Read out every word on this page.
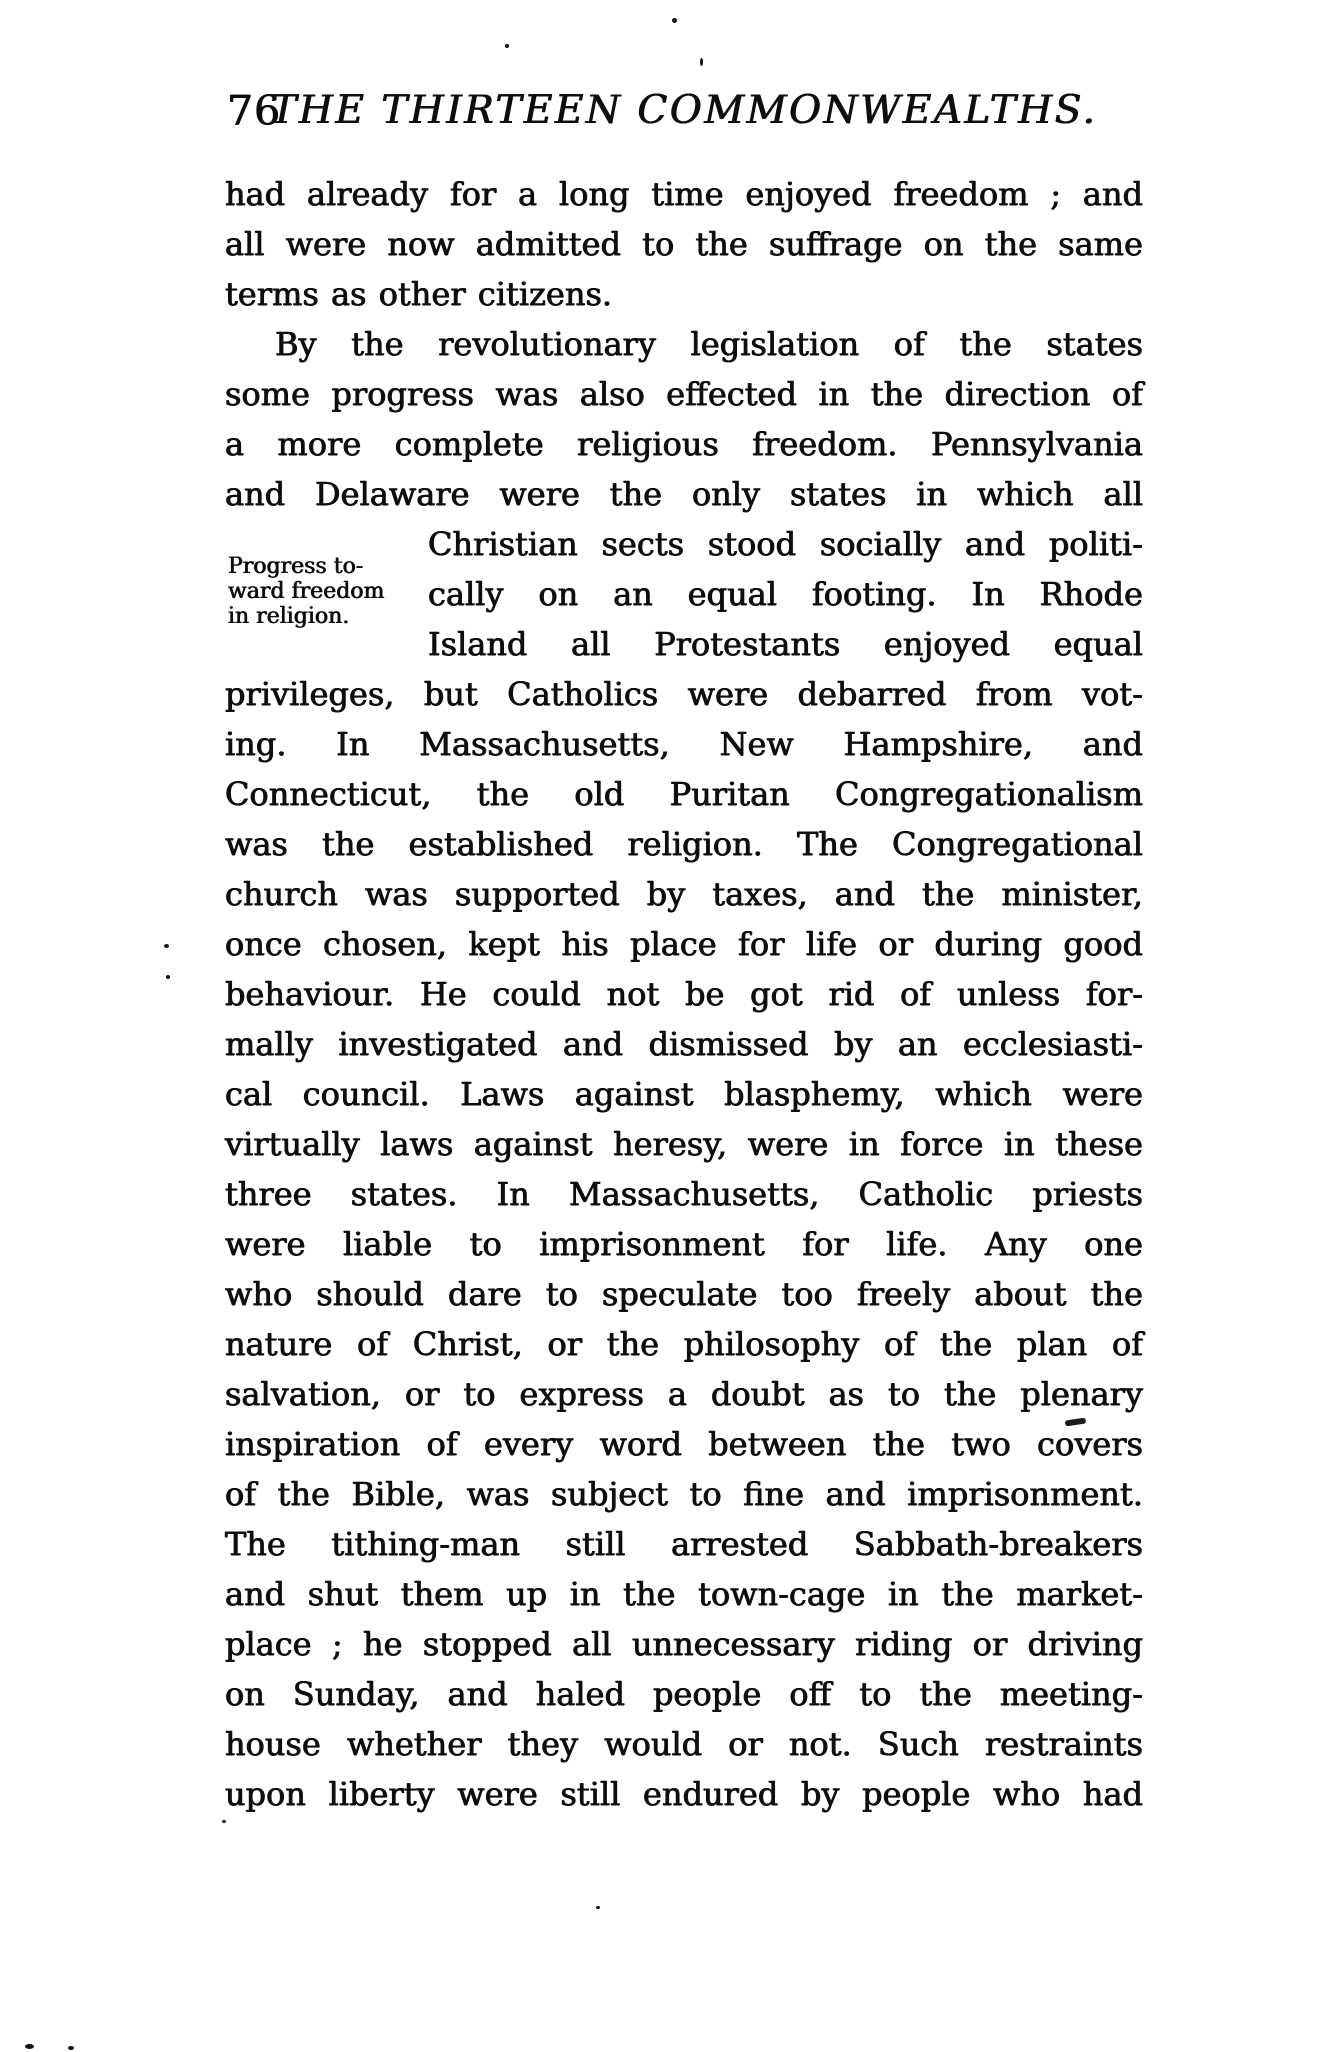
76
THE THIRTEEN COMMONWEALTHS.
Progress to-
ward freedom
in religion.
had already for a long time enjoyed freedom ; and
all were now admitted to the suffrage on the same
terms as other citizens.
By the revolutionary legislation of the states
some progress was also effected in the direction of
a more complete religious freedom. Pennsylvania
and Delaware were the only states in which all
Christian sects stood socially and politi-
cally on an equal footing. In Rhode
Island all Protestants enjoyed equal
privileges, but Catholics were debarred from vot-
ing. In Massachusetts, New Hampshire, and
Connecticut, the old Puritan Congregationalism
was the established religion. The Congregational
church was supported by taxes, and the minister,
once chosen, kept his place for life or during good
behaviour. He could not be got rid of unless for-
mally investigated and dismissed by an ecclesiasti-
cal council. Laws against blasphemy, which were
virtually laws against heresy, were in force in these
three states. In Massachusetts, Catholic priests
were liable to imprisonment for life. Any one
who should dare to speculate too freely about the
nature of Christ, or the philosophy of the plan of
salvation, or to express a doubt as to the plenary
inspiration of every word between the two covers
of the Bible, was subject to fine and imprisonment.
The tithing-man still arrested Sabbath-breakers
and shut them up in the town-cage in the market-
place ; he stopped all unnecessary riding or driving
on Sunday, and haled people off to the meeting-
house whether they would or not. Such restraints
upon liberty were still endured by people who had
